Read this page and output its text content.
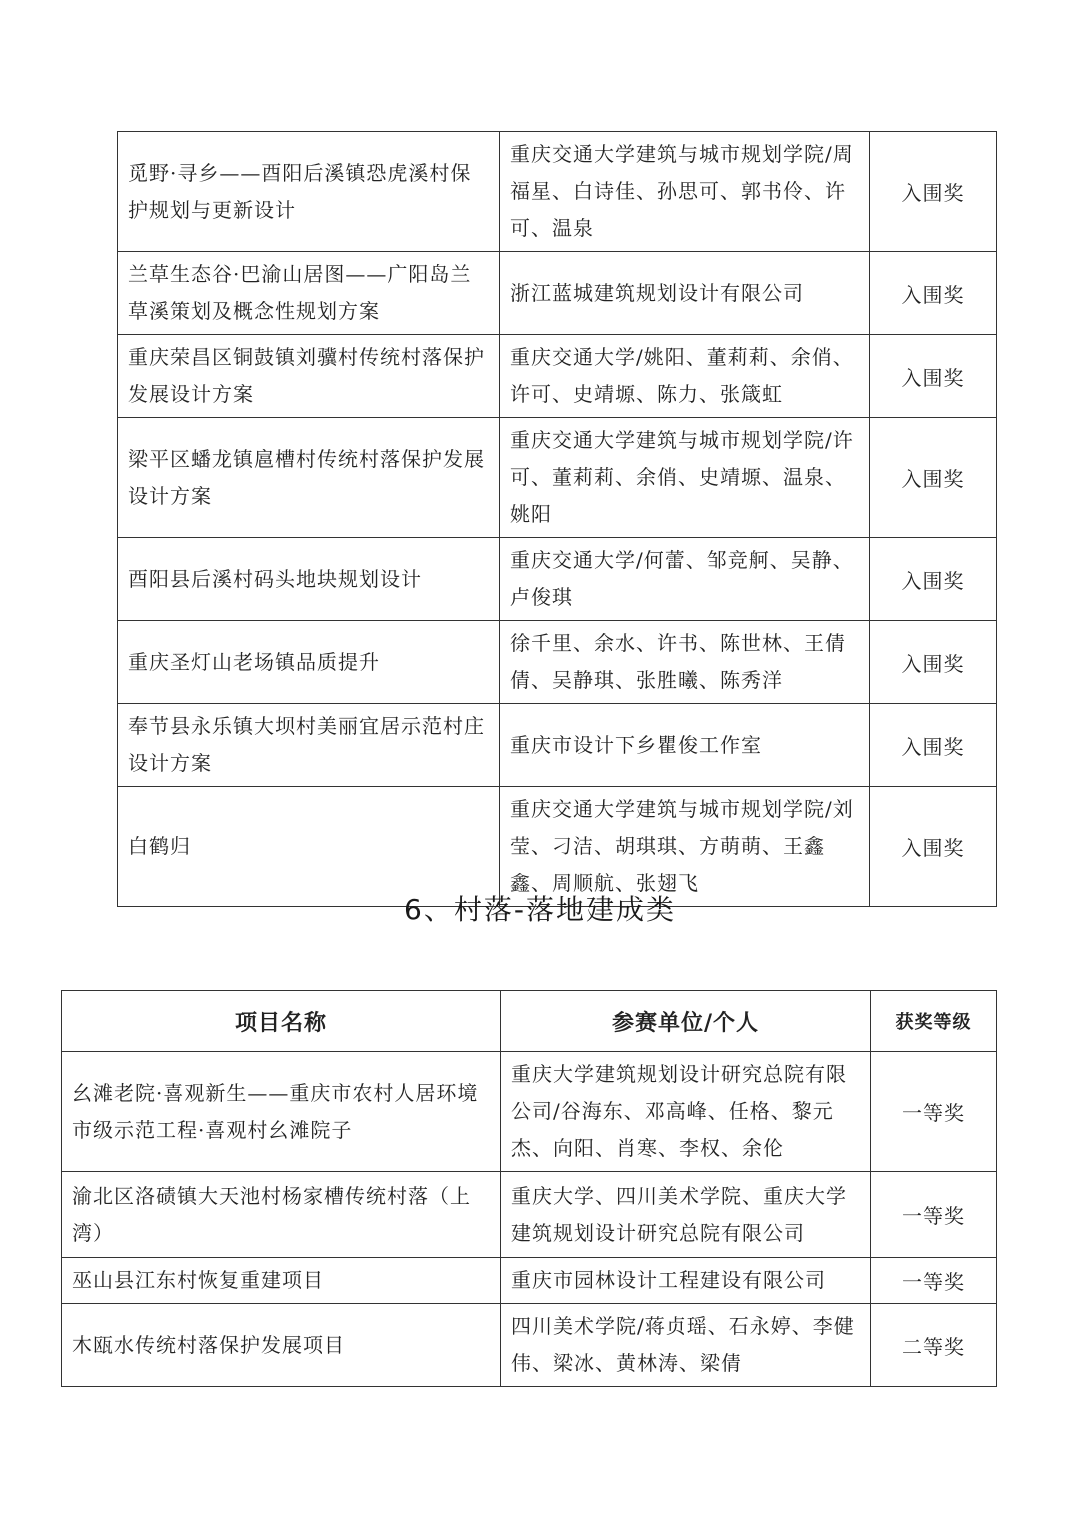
觅野·寻乡——酉阳后溪镇恐虎溪村保护规划与更新设计	重庆交通大学建筑与城市规划学院/周福星、白诗佳、孙思可、郭书伶、许可、温泉	入围奖
兰草生态谷·巴渝山居图——广阳岛兰草溪策划及概念性规划方案	浙江蓝城建筑规划设计有限公司	入围奖
重庆荣昌区铜鼓镇刘骥村传统村落保护发展设计方案	重庆交通大学/姚阳、董莉莉、余俏、许可、史靖塬、陈力、张箴虹	入围奖
梁平区蟠龙镇扈槽村传统村落保护发展设计方案	重庆交通大学建筑与城市规划学院/许可、董莉莉、余俏、史靖塬、温泉、姚阳	入围奖
酉阳县后溪村码头地块规划设计	重庆交通大学/何蕾、邹竞舸、吴静、卢俊琪	入围奖
重庆圣灯山老场镇品质提升	徐千里、余水、许书、陈世林、王倩倩、吴静琪、张胜曦、陈秀洋	入围奖
奉节县永乐镇大坝村美丽宜居示范村庄设计方案	重庆市设计下乡瞿俊工作室	入围奖
白鹤归	重庆交通大学建筑与城市规划学院/刘莹、刁洁、胡琪琪、方萌萌、王鑫鑫、周顺航、张翅飞	入围奖
6、村落-落地建成类
项目名称	参赛单位/个人	获奖等级
幺滩老院·喜观新生——重庆市农村人居环境市级示范工程·喜观村幺滩院子	重庆大学建筑规划设计研究总院有限公司/谷海东、邓高峰、任格、黎元杰、向阳、肖寒、李权、余伦	一等奖
渝北区洛碛镇大天池村杨家槽传统村落（上湾）	重庆大学、四川美术学院、重庆大学建筑规划设计研究总院有限公司	一等奖
巫山县江东村恢复重建项目	重庆市园林设计工程建设有限公司	一等奖
木瓯水传统村落保护发展项目	四川美术学院/蒋贞瑶、石永婷、李健伟、梁冰、黄林涛、梁倩	二等奖
